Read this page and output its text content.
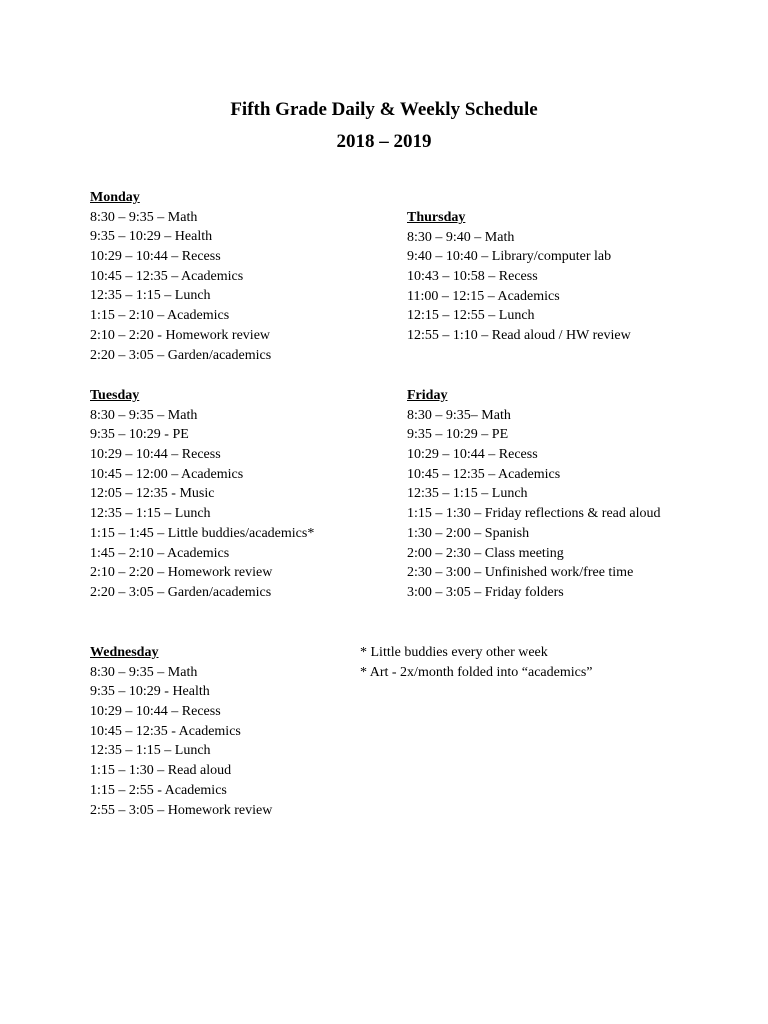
Fifth Grade Daily & Weekly Schedule
2018 – 2019
Monday
8:30 – 9:35 – Math
9:35 – 10:29 – Health
10:29 – 10:44 – Recess
10:45 – 12:35 – Academics
12:35 – 1:15 – Lunch
1:15 – 2:10 – Academics
2:10 – 2:20 - Homework review
2:20 – 3:05 – Garden/academics
Thursday
8:30 – 9:40 – Math
9:40 – 10:40 – Library/computer lab
10:43 – 10:58 – Recess
11:00 – 12:15 – Academics
12:15 – 12:55 – Lunch
12:55 – 1:10 – Read aloud / HW review
Tuesday
8:30 – 9:35 – Math
9:35 – 10:29 - PE
10:29 – 10:44 – Recess
10:45 – 12:00 – Academics
12:05 – 12:35 - Music
12:35 – 1:15 – Lunch
1:15 – 1:45 – Little buddies/academics*
1:45 – 2:10 – Academics
2:10 – 2:20 – Homework review
2:20 – 3:05 – Garden/academics
Friday
8:30 – 9:35– Math
9:35 – 10:29 – PE
10:29 – 10:44 – Recess
10:45 – 12:35 – Academics
12:35 – 1:15 – Lunch
1:15 – 1:30 – Friday reflections & read aloud
1:30 – 2:00 – Spanish
2:00 – 2:30 – Class meeting
2:30 – 3:00 – Unfinished work/free time
3:00 – 3:05 – Friday folders
Wednesday
8:30 – 9:35 – Math
9:35 – 10:29 - Health
10:29 – 10:44 – Recess
10:45 – 12:35 - Academics
12:35 – 1:15 – Lunch
1:15 – 1:30 – Read aloud
1:15 – 2:55 - Academics
2:55 – 3:05 – Homework review
* Little buddies every other week
* Art - 2x/month folded into “academics”
